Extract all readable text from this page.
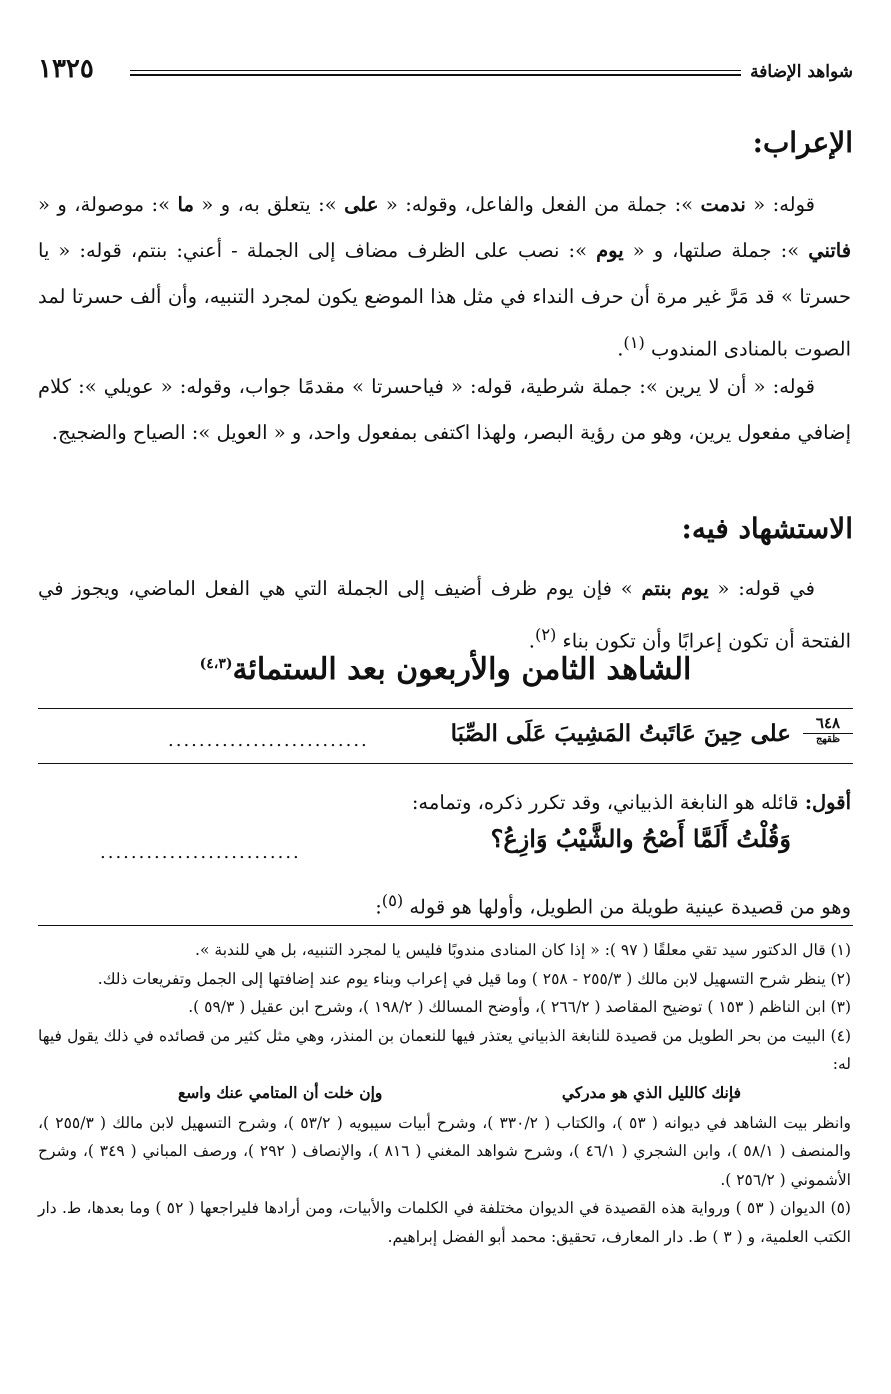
شواهد الإضافة
١٣٢٥
الإعراب:

قوله: « ندمت »: جملة من الفعل والفاعل، وقوله: « على »: يتعلق به، و « ما »: موصولة، و « فاتني »: جملة صلتها، و « يوم »: نصب على الظرف مضاف إلى الجملة - أعني: بنتم، قوله: « يا حسرتا » قد مَرَّ غير مرة أن حرف النداء في مثل هذا الموضع يكون لمجرد التنبيه، وأن ألف حسرتا لمد الصوت بالمنادى المندوب $^{(١)}$.

قوله: « أن لا يرين »: جملة شرطية، قوله: « فياحسرتا » مقدمًا جواب، وقوله: « عويلي »: كلام إضافي مفعول يرين، وهو من رؤية البصر، ولهذا اكتفى بمفعول واحد، و « العويل »: الصياح والضجيج.

الاستشهاد فيه:

في قوله: « يوم بنتم » فإن يوم ظرف أضيف إلى الجملة التي هي الفعل الماضي، ويجوز في الفتحة أن تكون إعرابًا وأن تكون بناء $^{(٢)}$.

الشاهد الثامن والأربعون بعد الستمائة$^{(٤،٣)}$
٦٤٨
ظقهج
على حِينَ عَاتَبتُ المَشِيبَ عَلَى الصِّبَا
..........................

أقول: قائله هو النابغة الذبياني، وقد تكرر ذكره، وتمامه:

وَقُلْتُ أَلَمَّا أَصْحُ والشَّيْبُ وَازِعُ؟
..........................

وهو من قصيدة عينية طويلة من الطويل، وأولها هو قوله $^{(٥)}$:

(١) قال الدكتور سيد تقي معلقًا ( ٩٧ ): « إذا كان المنادى مندوبًا فليس يا لمجرد التنبيه، بل هي للندبة ».

(٢) ينظر شرح التسهيل لابن مالك ( ٢٥٥/٣ - ٢٥٨ ) وما قيل في إعراب وبناء يوم عند إضافتها إلى الجمل وتفريعات ذلك.

(٣) ابن الناظم ( ١٥٣ ) توضيح المقاصد ( ٢٦٦/٢ )، وأوضح المسالك ( ١٩٨/٢ )، وشرح ابن عقيل ( ٥٩/٣ ).

(٤) البيت من بحر الطويل من قصيدة للنابغة الذبياني يعتذر فيها للنعمان بن المنذر، وهي مثل كثير من قصائده في ذلك يقول فيها له:

فإنك كالليل الذي هو مدركي
وإن خلت أن المتامي عنك واسع

وانظر بيت الشاهد في ديوانه ( ٥٣ )، والكتاب ( ٣٣٠/٢ )، وشرح أبيات سيبويه ( ٥٣/٢ )، وشرح التسهيل لابن مالك ( ٢٥٥/٣ )، والمنصف ( ٥٨/١ )، وابن الشجري ( ٤٦/١ )، وشرح شواهد المغني ( ٨١٦ )، والإنصاف ( ٢٩٢ )، ورصف المباني ( ٣٤٩ )، وشرح الأشموني ( ٢٥٦/٢ ).

(٥) الديوان ( ٥٣ ) ورواية هذه القصيدة في الديوان مختلفة في الكلمات والأبيات، ومن أرادها فليراجعها ( ٥٢ ) وما بعدها، ط. دار الكتب العلمية، و ( ٣ ) ط. دار المعارف، تحقيق: محمد أبو الفضل إبراهيم.
